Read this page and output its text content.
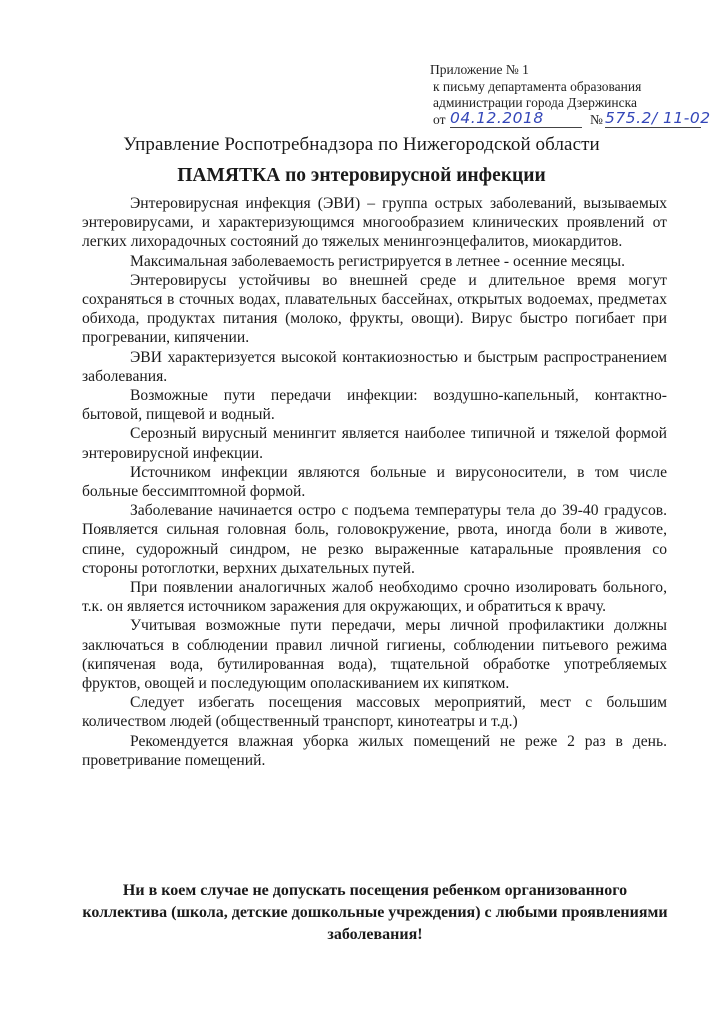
Приложение № 1
к письму департамента образования
администрации города Дзержинска
от 04.12.2018	№ 575.2/ 11-02
Управление Роспотребнадзора по Нижегородской области
ПАМЯТКА по энтеровирусной инфекции

Энтеровирусная инфекция (ЭВИ) – группа острых заболеваний, вызываемых энтеровирусами, и характеризующимся многообразием клинических проявлений от легких лихорадочных состояний до тяжелых менингоэнцефалитов, миокардитов.

Максимальная заболеваемость регистрируется в летнее - осенние месяцы.

Энтеровирусы устойчивы во внешней среде и длительное время могут сохраняться в сточных водах, плавательных бассейнах, открытых водоемах, предметах обихода, продуктах питания (молоко, фрукты, овощи). Вирус быстро погибает при прогревании, кипячении.

ЭВИ характеризуется высокой контакиозностью и быстрым распространением заболевания.

Возможные пути передачи инфекции: воздушно-капельный, контактно-бытовой, пищевой и водный.

Серозный вирусный менингит является наиболее типичной и тяжелой формой энтеровирусной инфекции.

Источником инфекции являются больные и вирусоносители, в том числе больные бессимптомной формой.

Заболевание начинается остро с подъема температуры тела до 39-40 градусов. Появляется сильная головная боль, головокружение, рвота, иногда боли в животе, спине, судорожный синдром, не резко выраженные катаральные проявления со стороны ротоглотки, верхних дыхательных путей.

При появлении аналогичных жалоб необходимо срочно изолировать больного, т.к. он является источником заражения для окружающих, и обратиться к врачу.

Учитывая возможные пути передачи, меры личной профилактики должны заключаться в соблюдении правил личной гигиены, соблюдении питьевого режима (кипяченая вода, бутилированная вода), тщательной обработке употребляемых фруктов, овощей и последующим ополаскиванием их кипятком.

Следует избегать посещения массовых мероприятий, мест с большим количеством людей (общественный транспорт, кинотеатры и т.д.)

Рекомендуется влажная уборка жилых помещений не реже 2 раз в день. проветривание помещений.

Ни в коем случае не допускать посещения ребенком организованного коллектива (школа, детские дошкольные учреждения) с любыми проявлениями заболевания!
